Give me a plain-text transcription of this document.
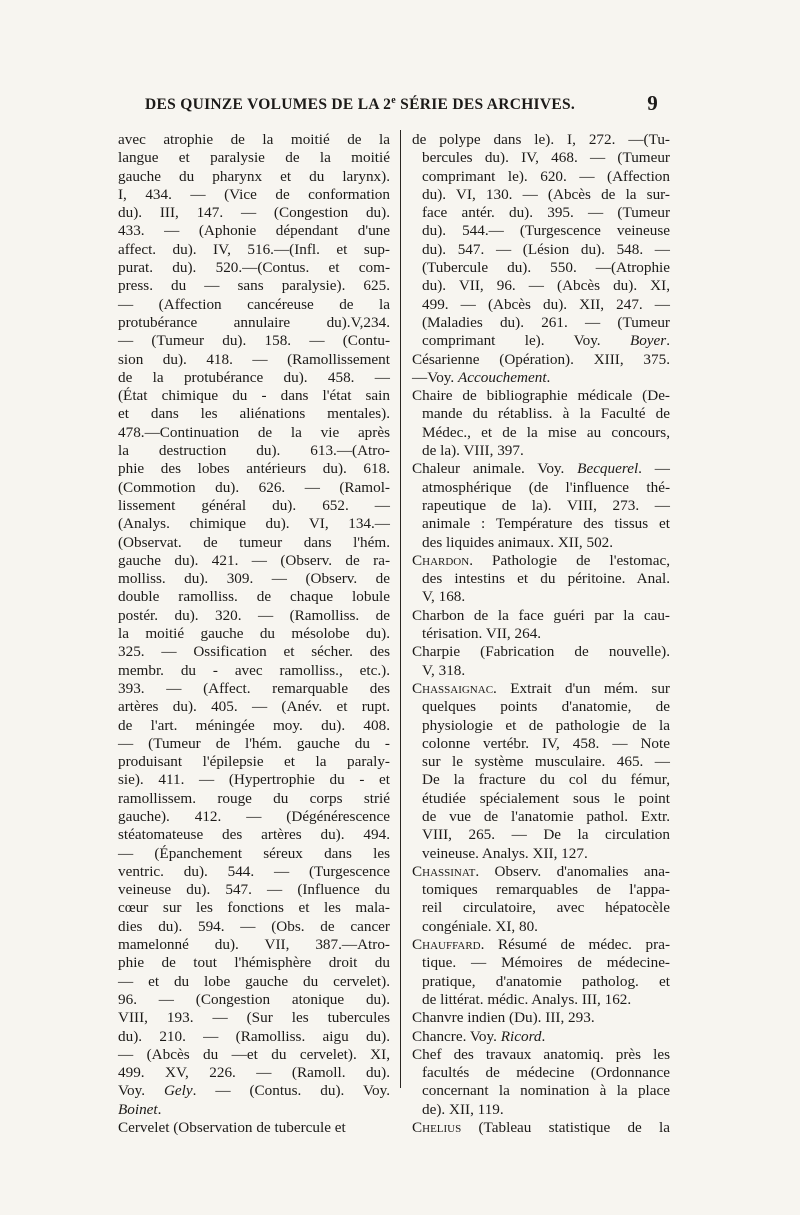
DES QUINZE VOLUMES DE LA 2e SÉRIE DES ARCHIVES.	9
avec atrophie de la moitié de la
langue et paralysie de la moitié
gauche du pharynx et du larynx).
I, 434. — (Vice de conformation
du). III, 147. — (Congestion du).
433. — (Aphonie dépendant d'une
affect. du). IV, 516.—(Infl. et sup-
purat. du). 520.—(Contus. et com-
press. du — sans paralysie). 625.
— (Affection cancéreuse de la
protubérance annulaire du).V,234.
— (Tumeur du). 158. — (Contu-
sion du). 418. — (Ramollissement
de la protubérance du). 458. —
(État chimique du - dans l'état sain
et dans les aliénations mentales).
478.—Continuation de la vie après
la destruction du). 613.—(Atro-
phie des lobes antérieurs du). 618.
(Commotion du). 626. — (Ramol-
lissement général du). 652. —
(Analys. chimique du). VI, 134.—
(Observat. de tumeur dans l'hém.
gauche du). 421. — (Observ. de ra-
molliss. du). 309. — (Observ. de
double ramolliss. de chaque lobule
postér. du). 320. — (Ramolliss. de
la moitié gauche du mésolobe du).
325. — Ossification et sécher. des
membr. du - avec ramolliss., etc.).
393. — (Affect. remarquable des
artères du). 405. — (Anév. et rupt.
de l'art. méningée moy. du). 408.
— (Tumeur de l'hém. gauche du -
produisant l'épilepsie et la paraly-
sie). 411. — (Hypertrophie du - et
ramollissem. rouge du corps strié
gauche). 412. — (Dégénérescence
stéatomateuse des artères du). 494.
— (Épanchement séreux dans les
ventric. du). 544. — (Turgescence
veineuse du). 547. — (Influence du
cœur sur les fonctions et les mala-
dies du). 594. — (Obs. de cancer
mamelonné du). VII, 387.—Atro-
phie de tout l'hémisphère droit du
— et du lobe gauche du cervelet).
96. — (Congestion atonique du).
VIII, 193. — (Sur les tubercules
du). 210. — (Ramolliss. aigu du).
— (Abcès du —et du cervelet). XI,
499. XV, 226. — (Ramoll. du).
Voy. Gely. — (Contus. du). Voy.
Boinet.
Cervelet (Observation de tubercule et
de polype dans le). I, 272. —(Tu-
bercules du). IV, 468. — (Tumeur
comprimant le). 620. — (Affection
du). VI, 130. — (Abcès de la sur-
face antér. du). 395. — (Tumeur
du). 544.— (Turgescence veineuse
du). 547. — (Lésion du). 548. —
(Tubercule du). 550. —(Atrophie
du). VII, 96. — (Abcès du). XI,
499. — (Abcès du). XII, 247. —
(Maladies du). 261. — (Tumeur
comprimant le). Voy. Boyer.
Césarienne (Opération). XIII, 375.
—Voy. Accouchement.
Chaire de bibliographie médicale (De-
mande du rétabliss. à la Faculté de
Médec., et de la mise au concours,
de la). VIII, 397.
Chaleur animale. Voy. Becquerel. —
atmosphérique (de l'influence thé-
rapeutique de la). VIII, 273. —
animale : Température des tissus et
des liquides animaux. XII, 502.
Chardon. Pathologie de l'estomac,
des intestins et du péritoine. Anal.
V, 168.
Charbon de la face guéri par la cau-
térisation. VII, 264.
Charpie (Fabrication de nouvelle).
V, 318.
Chassaignac. Extrait d'un mém. sur
quelques points d'anatomie, de
physiologie et de pathologie de la
colonne vertébr. IV, 458. — Note
sur le système musculaire. 465. —
De la fracture du col du fémur,
étudiée spécialement sous le point
de vue de l'anatomie pathol. Extr.
VIII, 265. — De la circulation
veineuse. Analys. XII, 127.
Chassinat. Observ. d'anomalies ana-
tomiques remarquables de l'appa-
reil circulatoire, avec hépatocèle
congéniale. XI, 80.
Chauffard. Résumé de médec. pra-
tique. — Mémoires de médecine-
pratique, d'anatomie patholog. et
de littérat. médic. Analys. III, 162.
Chanvre indien (Du). III, 293.
Chancre. Voy. Ricord.
Chef des travaux anatomiq. près les
facultés de médecine (Ordonnance
concernant la nomination à la place
de). XII, 119.
Chelius (Tableau statistique de la
